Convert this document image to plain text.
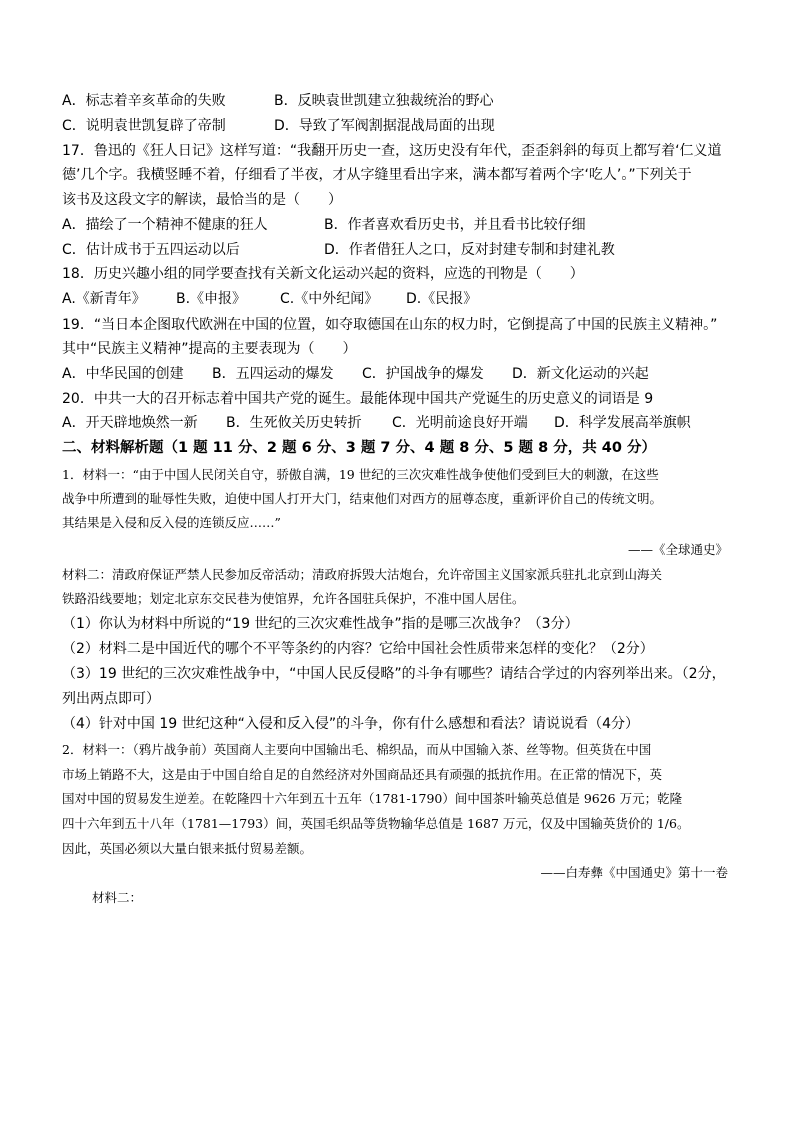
A．标志着辛亥革命的失败	B．反映袁世凯建立独裁统治的野心
C．说明袁世凯复辟了帝制	D．导致了军阀割据混战局面的出现
17．鲁迅的《狂人日记》这样写道：“我翻开历史一查，这历史没有年代，歪歪斜斜的每页上都写着‘仁义道
德’几个字。我横竖睡不着，仔细看了半夜，才从字缝里看出字来，满本都写着两个字‘吃人’。”下列关于
该书及这段文字的解读，最恰当的是（　　）
A．描绘了一个精神不健康的狂人	B．作者喜欢看历史书，并且看书比较仔细
C．估计成书于五四运动以后	D．作者借狂人之口，反对封建专制和封建礼教
18．历史兴趣小组的同学要查找有关新文化运动兴起的资料，应选的刊物是（　　）
A.《新青年》 B.《申报》 C.《中外纪闻》 D.《民报》
19．“当日本企图取代欧洲在中国的位置，如夺取德国在山东的权力时，它倒提高了中国的民族主义精神。”
其中“民族主义精神”提高的主要表现为（　　）
A．中华民国的创建 B．五四运动的爆发 C．护国战争的爆发 D．新文化运动的兴起
20．中共一大的召开标志着中国共产党的诞生。最能体现中国共产党诞生的历史意义的词语是 9
A．开天辟地焕然一新 B．生死攸关历史转折 C．光明前途良好开端 D．科学发展高举旗帜
二、材料解析题（1 题 11 分、2 题 6 分、3 题 7 分、4 题 8 分、5 题 8 分，共 40 分）
1．材料一：“由于中国人民闭关自守，骄傲自满，19 世纪的三次灾难性战争使他们受到巨大的刺激，在这些
战争中所遭到的耻辱性失败，迫使中国人打开大门，结束他们对西方的屈尊态度，重新评价自己的传统文明。
其结果是入侵和反入侵的连锁反应……”
——《全球通史》
材料二：清政府保证严禁人民参加反帝活动；清政府拆毁大沽炮台，允许帝国主义国家派兵驻扎北京到山海关
铁路沿线要地；划定北京东交民巷为使馆界，允许各国驻兵保护，不准中国人居住。
（1）你认为材料中所说的“19 世纪的三次灾难性战争”指的是哪三次战争？（3分）
（2）材料二是中国近代的哪个不平等条约的内容？它给中国社会性质带来怎样的变化？（2分）
（3）19 世纪的三次灾难性战争中，“中国人民反侵略”的斗争有哪些？请结合学过的内容列举出来。（2分，
列出两点即可）
（4）针对中国 19 世纪这种“入侵和反入侵”的斗争，你有什么感想和看法？请说说看（4分）
2．材料一：（鸦片战争前）英国商人主要向中国输出毛、棉织品，而从中国输入茶、丝等物。但英货在中国
市场上销路不大，这是由于中国自给自足的自然经济对外国商品还具有顽强的抵抗作用。在正常的情况下，英
国对中国的贸易发生逆差。在乾隆四十六年到五十五年（1781-1790）间中国茶叶输英总值是 9626 万元；乾隆
四十六年到五十八年（1781—1793）间，英国毛织品等货物输华总值是 1687 万元，仅及中国输英货价的 1/6。
因此，英国必须以大量白银来抵付贸易差额。
——白寿彝《中国通史》第十一卷
材料二：
